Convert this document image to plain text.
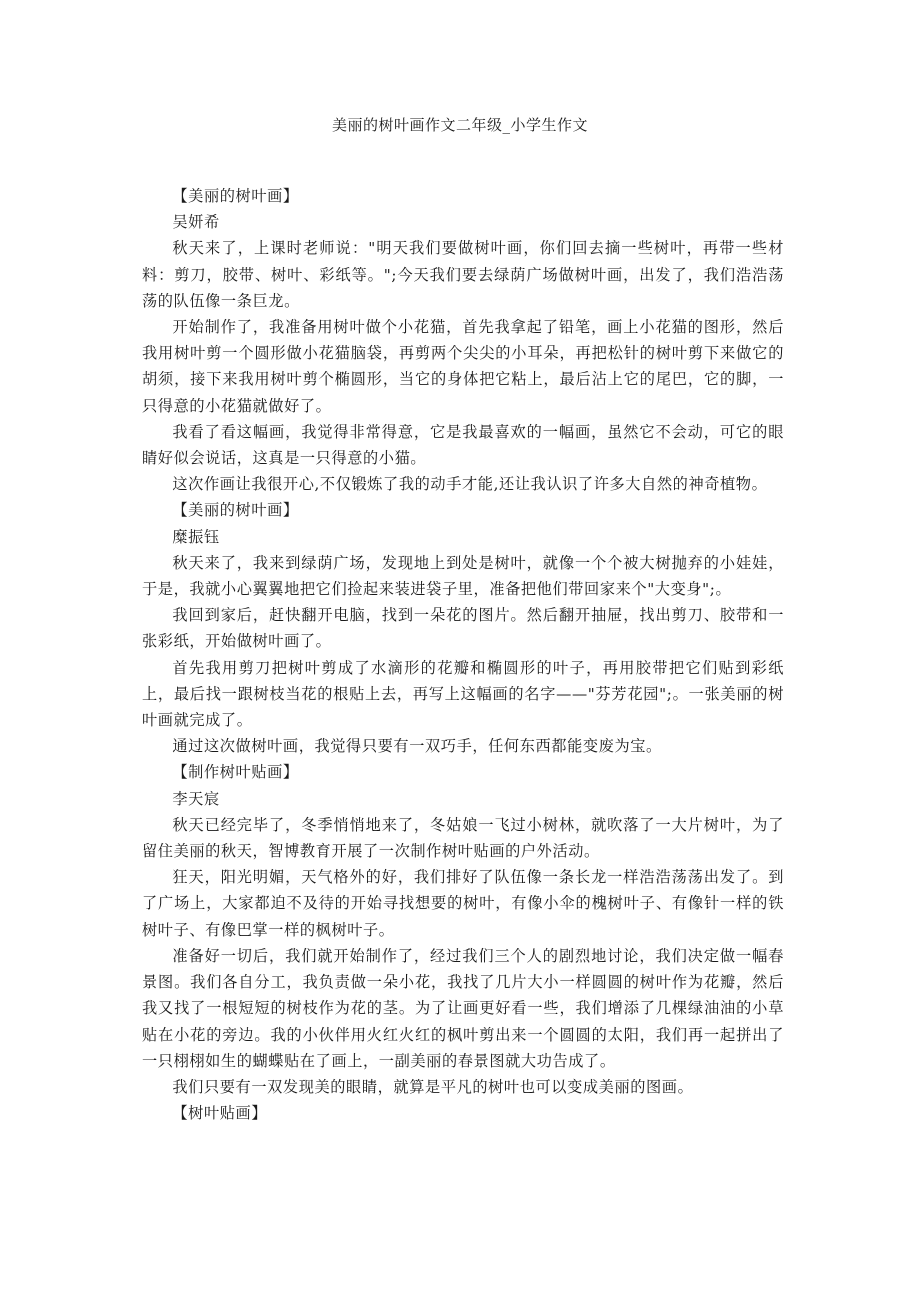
美丽的树叶画作文二年级_小学生作文

【美丽的树叶画】

吴妍希

秋天来了，上课时老师说："明天我们要做树叶画，你们回去摘一些树叶，再带一些材料：剪刀，胶带、树叶、彩纸等。";今天我们要去绿荫广场做树叶画，出发了，我们浩浩荡荡的队伍像一条巨龙。

开始制作了，我准备用树叶做个小花猫，首先我拿起了铅笔，画上小花猫的图形，然后我用树叶剪一个圆形做小花猫脑袋，再剪两个尖尖的小耳朵，再把松针的树叶剪下来做它的胡须，接下来我用树叶剪个椭圆形，当它的身体把它粘上，最后沾上它的尾巴，它的脚，一只得意的小花猫就做好了。

我看了看这幅画，我觉得非常得意，它是我最喜欢的一幅画，虽然它不会动，可它的眼睛好似会说话，这真是一只得意的小猫。

这次作画让我很开心,不仅锻炼了我的动手才能,还让我认识了许多大自然的神奇植物。

【美丽的树叶画】

糜振钰

秋天来了，我来到绿荫广场，发现地上到处是树叶，就像一个个被大树抛弃的小娃娃，于是，我就小心翼翼地把它们捡起来装进袋子里，准备把他们带回家来个"大变身";。

我回到家后，赶快翻开电脑，找到一朵花的图片。然后翻开抽屉，找出剪刀、胶带和一张彩纸，开始做树叶画了。

首先我用剪刀把树叶剪成了水滴形的花瓣和椭圆形的叶子，再用胶带把它们贴到彩纸上，最后找一跟树枝当花的根贴上去，再写上这幅画的名字——"芬芳花园";。一张美丽的树叶画就完成了。

通过这次做树叶画，我觉得只要有一双巧手，任何东西都能变废为宝。

【制作树叶贴画】

李天宸

秋天已经完毕了，冬季悄悄地来了，冬姑娘一飞过小树林，就吹落了一大片树叶，为了留住美丽的秋天，智博教育开展了一次制作树叶贴画的户外活动。

狂天，阳光明媚，天气格外的好，我们排好了队伍像一条长龙一样浩浩荡荡出发了。到了广场上，大家都迫不及待的开始寻找想要的树叶，有像小伞的槐树叶子、有像针一样的铁树叶子、有像巴掌一样的枫树叶子。

准备好一切后，我们就开始制作了，经过我们三个人的剧烈地讨论，我们决定做一幅春景图。我们各自分工，我负责做一朵小花，我找了几片大小一样圆圆的树叶作为花瓣，然后我又找了一根短短的树枝作为花的茎。为了让画更好看一些，我们增添了几棵绿油油的小草贴在小花的旁边。我的小伙伴用火红火红的枫叶剪出来一个圆圆的太阳，我们再一起拼出了一只栩栩如生的蝴蝶贴在了画上，一副美丽的春景图就大功告成了。

我们只要有一双发现美的眼睛，就算是平凡的树叶也可以变成美丽的图画。

【树叶贴画】
